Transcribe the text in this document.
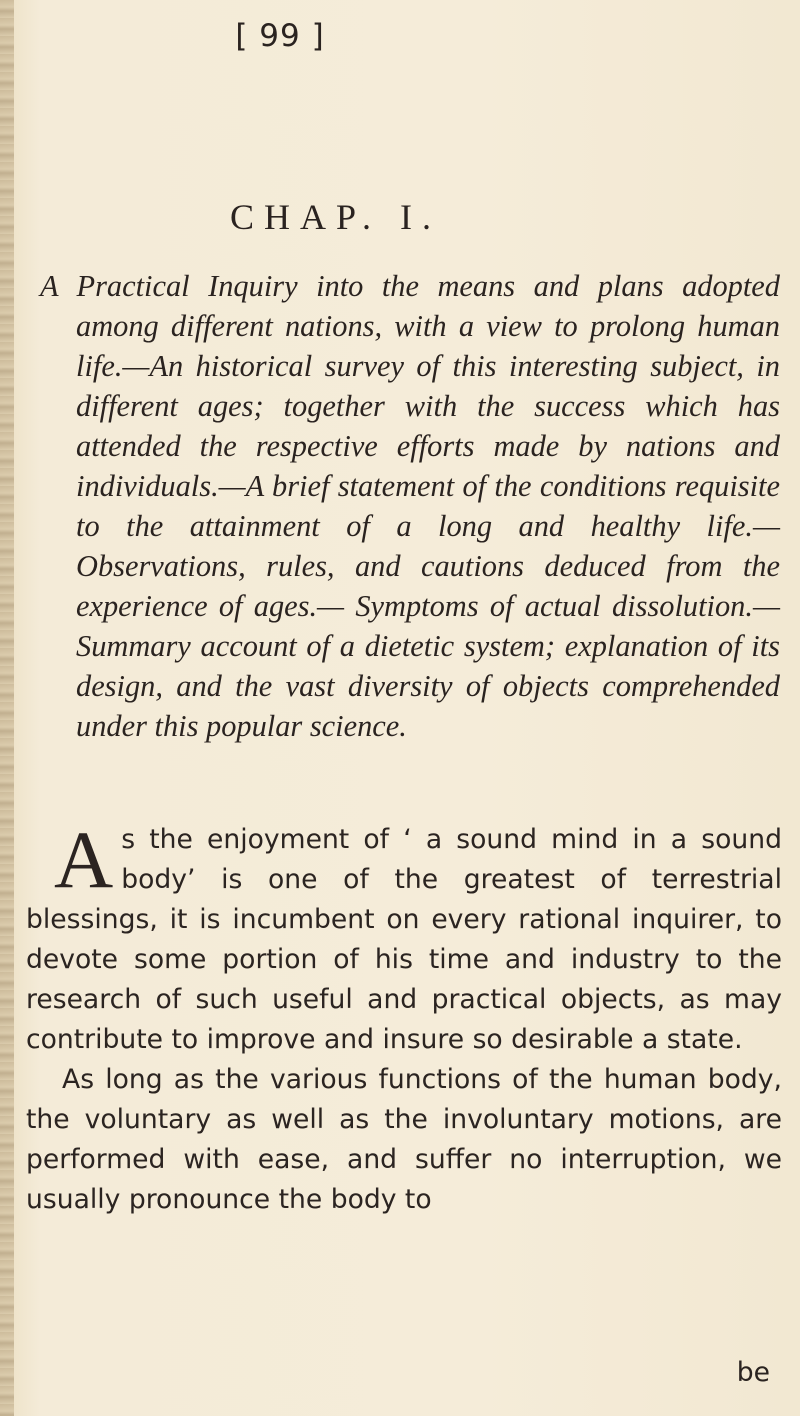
[ 99 ]
CHAP. I.
A Practical Inquiry into the means and plans adopted among different nations, with a view to prolong human life.—An historical survey of this interesting subject, in different ages; together with the success which has attended the respective efforts made by nations and individuals.—A brief statement of the conditions requisite to the attainment of a long and healthy life.—Observations, rules, and cautions deduced from the experience of ages.— Symptoms of actual dissolution.—Summary account of a dietetic system; explanation of its design, and the vast diversity of objects comprehended under this popular science.

As the enjoyment of ‘ a sound mind in a sound body’ is one of the greatest of terrestrial blessings, it is incumbent on every rational inquirer, to devote some portion of his time and industry to the research of such useful and practical objects, as may contribute to improve and insure so desirable a state.

As long as the various functions of the human body, the voluntary as well as the involuntary motions, are performed with ease, and suffer no interruption, we usually pronounce the body to

be
